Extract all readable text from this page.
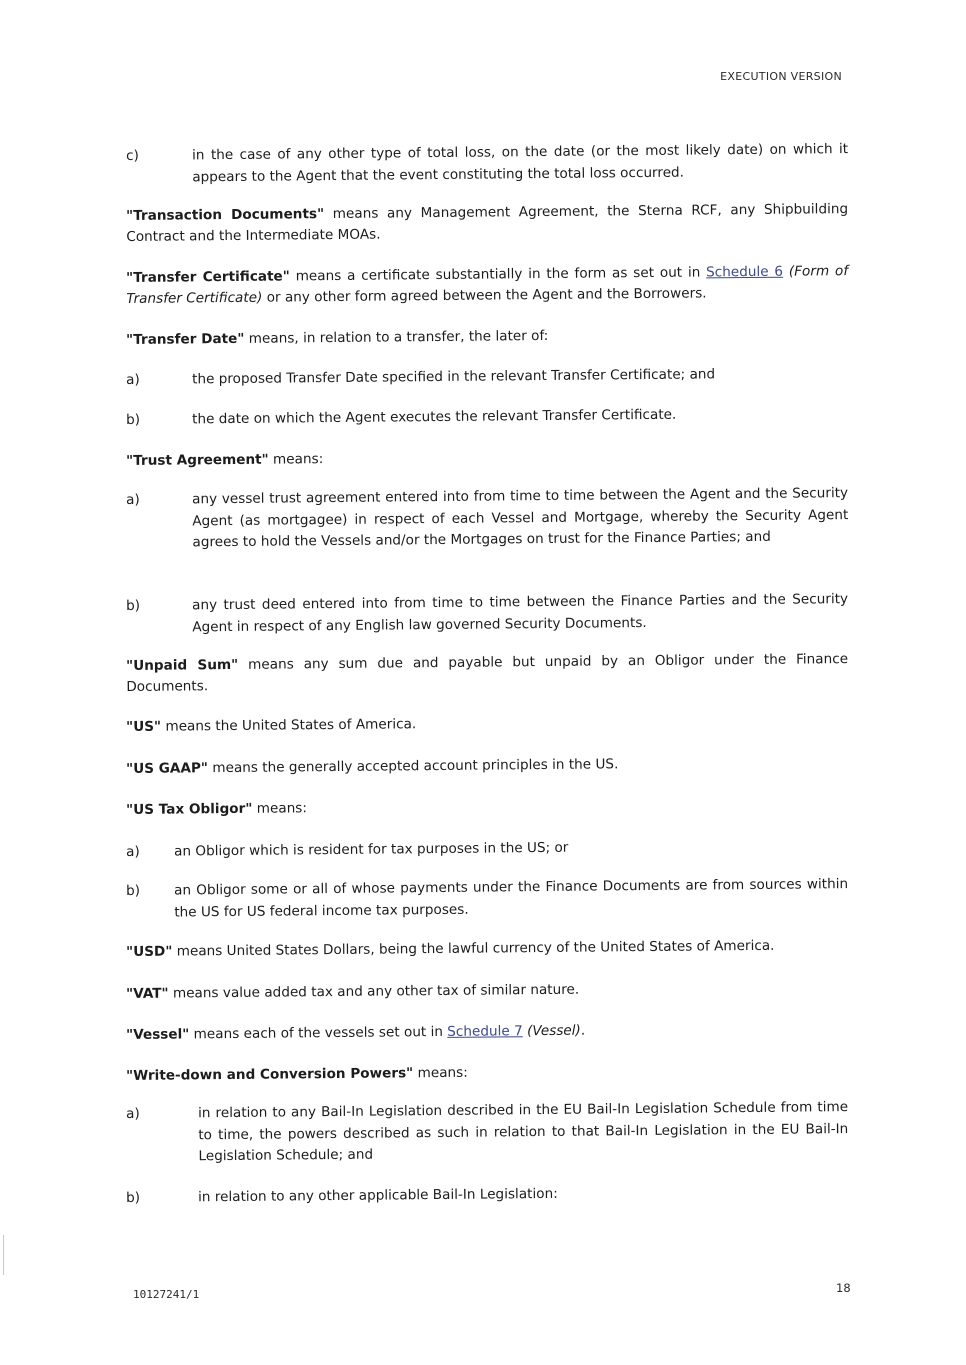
EXECUTION VERSION
c)	in the case of any other type of total loss, on the date (or the most likely date) on which it appears to the Agent that the event constituting the total loss occurred.
"Transaction Documents" means any Management Agreement, the Sterna RCF, any Shipbuilding Contract and the Intermediate MOAs.
"Transfer Certificate" means a certificate substantially in the form as set out in Schedule 6 (Form of Transfer Certificate) or any other form agreed between the Agent and the Borrowers.
"Transfer Date" means, in relation to a transfer, the later of:
a)	the proposed Transfer Date specified in the relevant Transfer Certificate; and
b)	the date on which the Agent executes the relevant Transfer Certificate.
"Trust Agreement" means:
a)	any vessel trust agreement entered into from time to time between the Agent and the Security Agent (as mortgagee) in respect of each Vessel and Mortgage, whereby the Security Agent agrees to hold the Vessels and/or the Mortgages on trust for the Finance Parties; and
b)	any trust deed entered into from time to time between the Finance Parties and the Security Agent in respect of any English law governed Security Documents.
"Unpaid Sum" means any sum due and payable but unpaid by an Obligor under the Finance Documents.
"US" means the United States of America.
"US GAAP" means the generally accepted account principles in the US.
"US Tax Obligor" means:
a)	an Obligor which is resident for tax purposes in the US; or
b) an Obligor some or all of whose payments under the Finance Documents are from sources within the US for US federal income tax purposes.
"USD" means United States Dollars, being the lawful currency of the United States of America.
"VAT" means value added tax and any other tax of similar nature.
"Vessel" means each of the vessels set out in Schedule 7 (Vessel).
"Write-down and Conversion Powers" means:
a)	in relation to any Bail-In Legislation described in the EU Bail-In Legislation Schedule from time to time, the powers described as such in relation to that Bail-In Legislation in the EU Bail-In Legislation Schedule; and
b)	in relation to any other applicable Bail-In Legislation:
10127241/1	18
